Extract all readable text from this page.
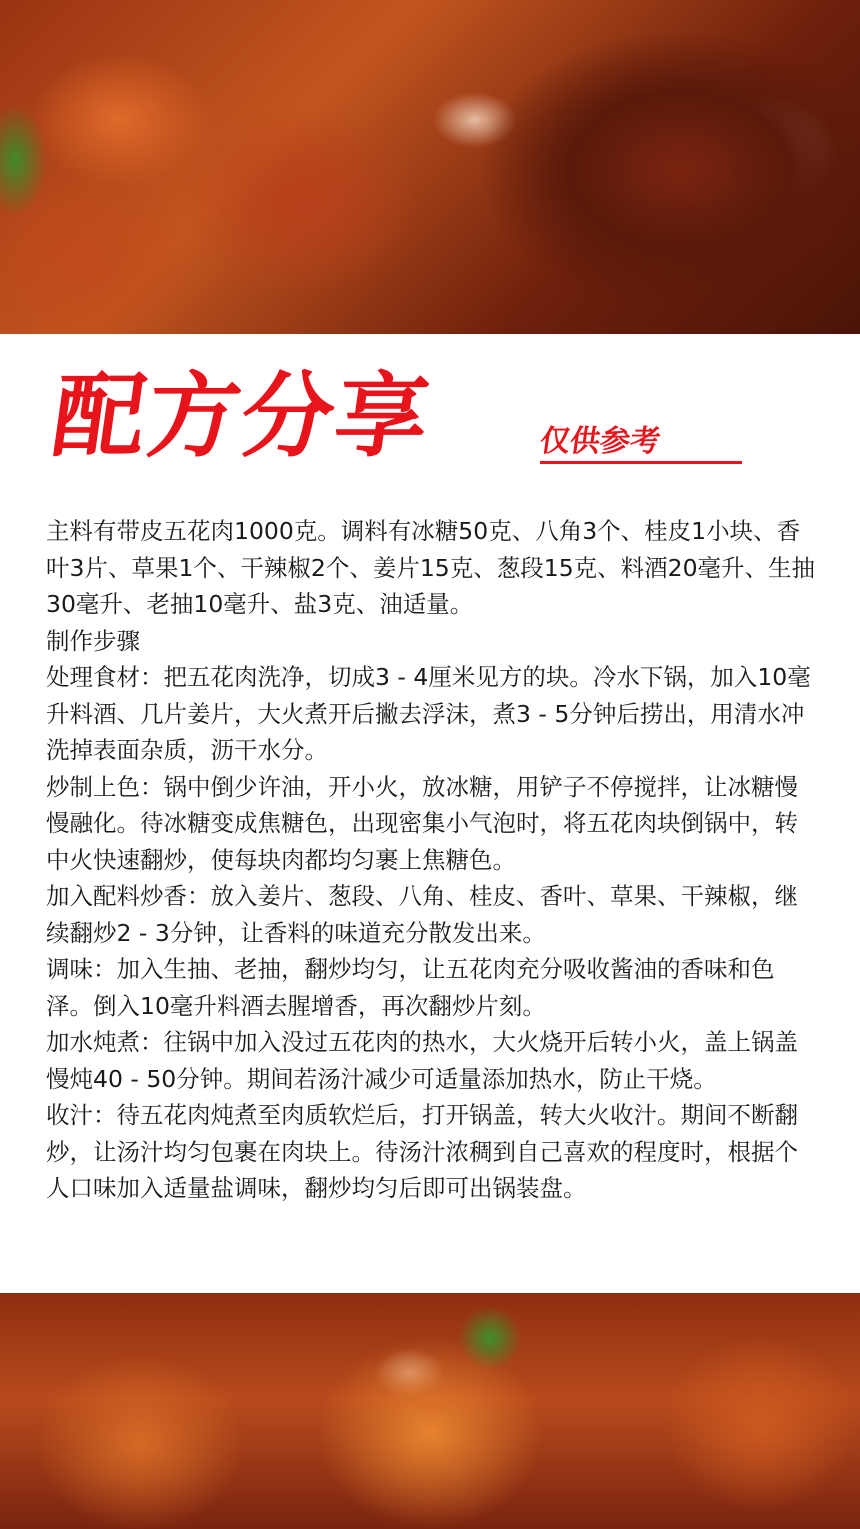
配方分享	仅供参考

主料有带皮五花肉1000克。调料有冰糖50克、八角3个、桂皮1小块、香叶3片、草果1个、干辣椒2个、姜片15克、葱段15克、料酒20毫升、生抽30毫升、老抽10毫升、盐3克、油适量。

制作步骤

处理食材：把五花肉洗净，切成3 - 4厘米见方的块。冷水下锅，加入10毫升料酒、几片姜片，大火煮开后撇去浮沫，煮3 - 5分钟后捞出，用清水冲洗掉表面杂质，沥干水分。

炒制上色：锅中倒少许油，开小火，放冰糖，用铲子不停搅拌，让冰糖慢慢融化。待冰糖变成焦糖色，出现密集小气泡时，将五花肉块倒锅中，转中火快速翻炒，使每块肉都均匀裹上焦糖色。

加入配料炒香：放入姜片、葱段、八角、桂皮、香叶、草果、干辣椒，继续翻炒2 - 3分钟，让香料的味道充分散发出来。

调味：加入生抽、老抽，翻炒均匀，让五花肉充分吸收酱油的香味和色泽。倒入10毫升料酒去腥增香，再次翻炒片刻。

加水炖煮：往锅中加入没过五花肉的热水，大火烧开后转小火，盖上锅盖慢炖40 - 50分钟。期间若汤汁减少可适量添加热水，防止干烧。

收汁：待五花肉炖煮至肉质软烂后，打开锅盖，转大火收汁。期间不断翻炒，让汤汁均匀包裹在肉块上。待汤汁浓稠到自己喜欢的程度时，根据个人口味加入适量盐调味，翻炒均匀后即可出锅装盘。
